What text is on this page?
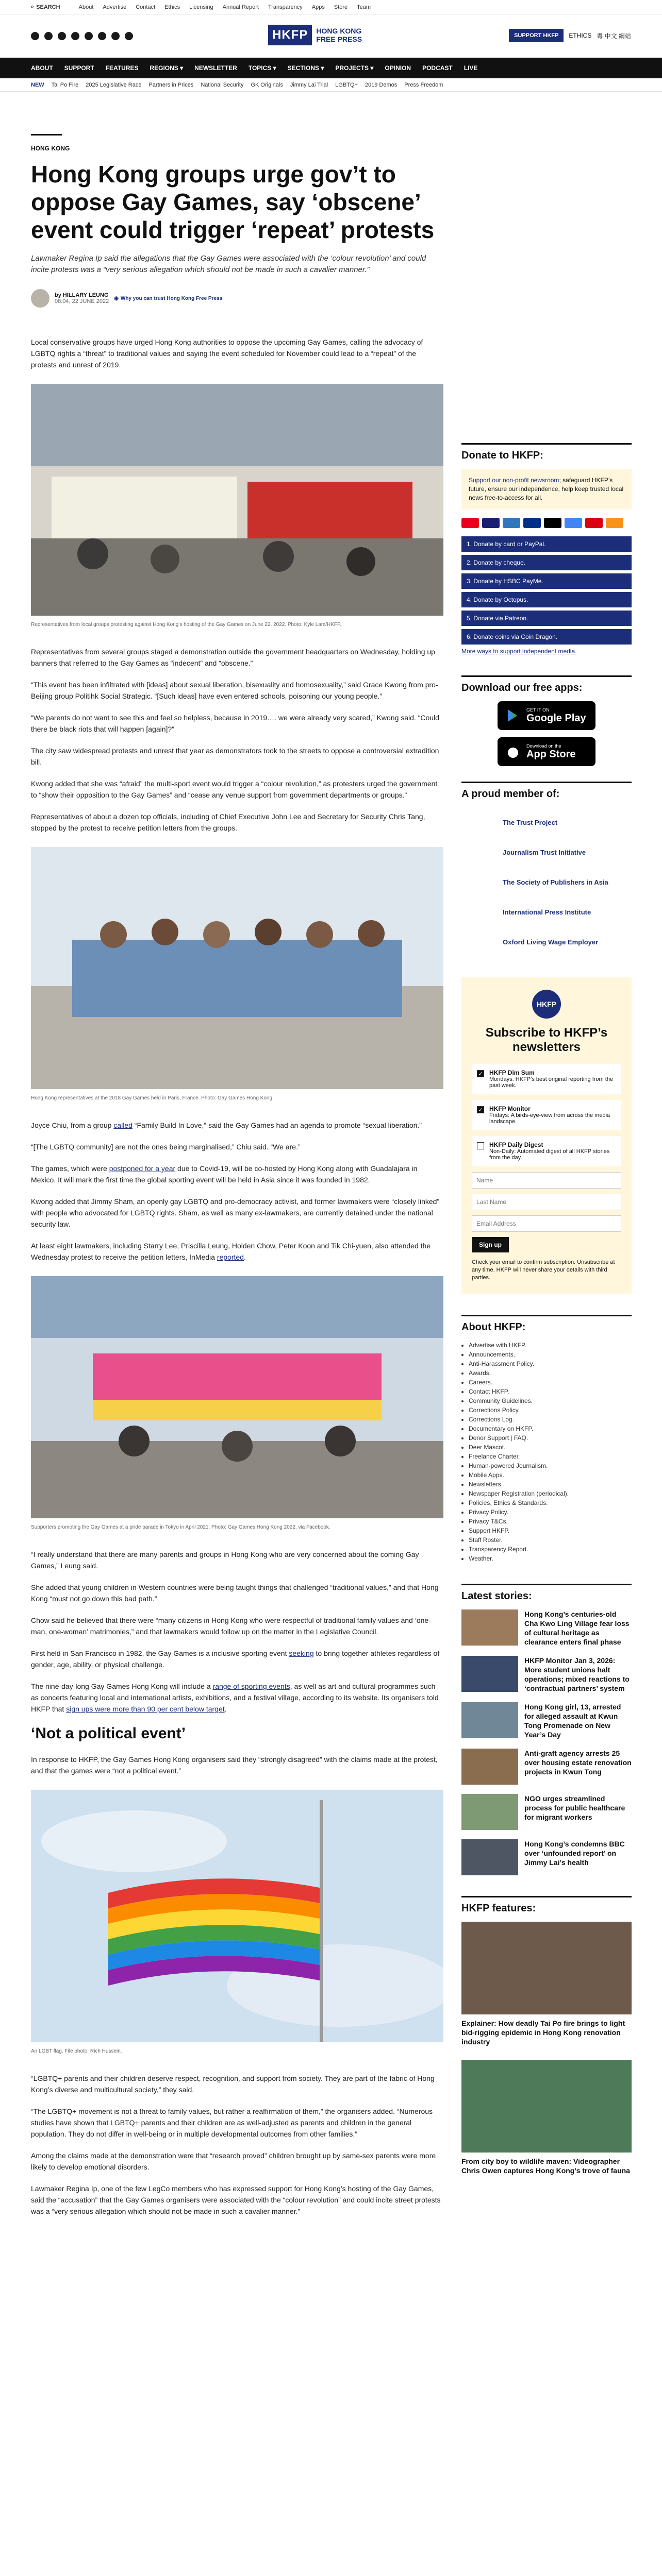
⌕ SEARCH	About Advertise Contact Ethics Licensing Annual Report Transparency Apps Store Team
HKFP	HONG KONG
FREE PRESS	SUPPORT HKFP	ETHICS 粵 中文 網站
ABOUT SUPPORT FEATURES REGIONS ▾ NEWSLETTER TOPICS ▾ SECTIONS ▾ PROJECTS ▾ OPINION PODCAST LIVE
NEW Tai Po Fire 2025 Legislative Race Partners in Prices National Security GK Originals Jimmy Lai Trial LGBTQ+ 2019 Demos Press Freedom
HONG KONG
Hong Kong groups urge gov’t to oppose Gay Games, say ‘obscene’ event could trigger ‘repeat’ protests

Lawmaker Regina Ip said the allegations that the Gay Games were associated with the ‘colour revolution’ and could incite protests was a “very serious allegation which should not be made in such a cavalier manner.”

by HILLARY LEUNG
08:04, 22 JUNE 2022 ◉ Why you can trust Hong Kong Free Press

Local conservative groups have urged Hong Kong authorities to oppose the upcoming Gay Games, calling the advocacy of LGBTQ rights a “threat” to traditional values and saying the event scheduled for November could lead to a “repeat” of the protests and unrest of 2019.

Representatives from local groups protesting against Hong Kong’s hosting of the Gay Games on June 22, 2022. Photo: Kyle Lam/HKFP.

Representatives from several groups staged a demonstration outside the government headquarters on Wednesday, holding up banners that referred to the Gay Games as “indecent” and “obscene.”

“This event has been infiltrated with [ideas] about sexual liberation, bisexuality and homosexuality,” said Grace Kwong from pro-Beijing group Politihk Social Strategic. “[Such ideas] have even entered schools, poisoning our young people.”

“We parents do not want to see this and feel so helpless, because in 2019…. we were already very scared,” Kwong said. “Could there be black riots that will happen [again]?”

The city saw widespread protests and unrest that year as demonstrators took to the streets to oppose a controversial extradition bill.

Kwong added that she was “afraid” the multi-sport event would trigger a “colour revolution,” as protesters urged the government to “show their opposition to the Gay Games” and “cease any venue support from government departments or groups.”

Representatives of about a dozen top officials, including of Chief Executive John Lee and Secretary for Security Chris Tang, stopped by the protest to receive petition letters from the groups.

Hong Kong representatives at the 2018 Gay Games held in Paris, France. Photo: Gay Games Hong Kong.

Joyce Chiu, from a group called “Family Build In Love,” said the Gay Games had an agenda to promote “sexual liberation.”

“[The LGBTQ community] are not the ones being marginalised,” Chiu said. “We are.”

The games, which were postponed for a year due to Covid-19, will be co-hosted by Hong Kong along with Guadalajara in Mexico. It will mark the first time the global sporting event will be held in Asia since it was founded in 1982.

Kwong added that Jimmy Sham, an openly gay LGBTQ and pro-democracy activist, and former lawmakers were “closely linked” with people who advocated for LGBTQ rights. Sham, as well as many ex-lawmakers, are currently detained under the national security law.

At least eight lawmakers, including Starry Lee, Priscilla Leung, Holden Chow, Peter Koon and Tik Chi-yuen, also attended the Wednesday protest to receive the petition letters, InMedia reported.

Supporters promoting the Gay Games at a pride parade in Tokyo in April 2021. Photo: Gay Games Hong Kong 2022, via Facebook.

“I really understand that there are many parents and groups in Hong Kong who are very concerned about the coming Gay Games,” Leung said.

She added that young children in Western countries were being taught things that challenged “traditional values,” and that Hong Kong “must not go down this bad path.”

Chow said he believed that there were “many citizens in Hong Kong who were respectful of traditional family values and ‘one-man, one-woman’ matrimonies,” and that lawmakers would follow up on the matter in the Legislative Council.

First held in San Francisco in 1982, the Gay Games is a inclusive sporting event seeking to bring together athletes regardless of gender, age, ability, or physical challenge.

The nine-day-long Gay Games Hong Kong will include a range of sporting events, as well as art and cultural programmes such as concerts featuring local and international artists, exhibitions, and a festival village, according to its website. Its organisers told HKFP that sign ups were more than 90 per cent below target.

‘Not a political event’

In response to HKFP, the Gay Games Hong Kong organisers said they “strongly disagreed” with the claims made at the protest, and that the games were “not a political event.”

An LGBT flag. File photo: Rich Hussein.

“LGBTQ+ parents and their children deserve respect, recognition, and support from society. They are part of the fabric of Hong Kong’s diverse and multicultural society,” they said.

“The LGBTQ+ movement is not a threat to family values, but rather a reaffirmation of them,” the organisers added. “Numerous studies have shown that LGBTQ+ parents and their children are as well-adjusted as parents and children in the general population. They do not differ in well-being or in multiple developmental outcomes from other families.”

Among the claims made at the demonstration were that “research proved” children brought up by same-sex parents were more likely to develop emotional disorders.

Lawmaker Regina Ip, one of the few LegCo members who has expressed support for Hong Kong’s hosting of the Gay Games, said the “accusation” that the Gay Games organisers were associated with the “colour revolution” and could incite street protests was a “very serious allegation which should not be made in such a cavalier manner.”

Donate to HKFP:
Support our non-profit newsroom; safeguard HKFP’s future, ensure our independence, help keep trusted local news free-to-access for all.
1. Donate by card or PayPal.
2. Donate by cheque.
3. Donate by HSBC PayMe.
4. Donate by Octopus.
5. Donate via Patreon.
6. Donate coins via Coin Dragon.
More ways to support independent media.
Download our free apps:
GET IT ON
Google Play
Download on the
App Store
A proud member of:
The Trust Project
Journalism Trust Initiative
The Society of Publishers in Asia
International Press Institute
Oxford Living Wage Employer
HKFP
Subscribe to HKFP’s newsletters
✓ HKFP Dim Sum
Mondays: HKFP’s best original reporting from the past week.
✓ HKFP Monitor
Fridays: A birds-eye-view from across the media landscape.
HKFP Daily Digest
Non-Daily: Automated digest of all HKFP stories from the day.
Name
Last Name
Email Address
Sign up

Check your email to confirm subscription. Unsubscribe at any time. HKFP will never share your details with third parties.

About HKFP:
• Advertise with HKFP.
• Announcements.
• Anti-Harassment Policy.
• Awards.
• Careers.
• Contact HKFP.
• Community Guidelines.
• Corrections Policy.
• Corrections Log.
• Documentary on HKFP.
• Donor Support | FAQ.
• Deer Mascot.
• Freelance Charter.
• Human-powered Journalism.
• Mobile Apps.
• Newsletters.
• Newspaper Registration (periodical).
• Policies, Ethics & Standards.
• Privacy Policy.
• Privacy T&Cs.
• Support HKFP.
• Staff Roster.
• Transparency Report.
• Weather.
Latest stories:
Hong Kong’s centuries-old Cha Kwo Ling Village fear loss of cultural heritage as clearance enters final phase
HKFP Monitor Jan 3, 2026: More student unions halt operations; mixed reactions to ‘contractual partners’ system
Hong Kong girl, 13, arrested for alleged assault at Kwun Tong Promenade on New Year’s Day
Anti-graft agency arrests 25 over housing estate renovation projects in Kwun Tong
NGO urges streamlined process for public healthcare for migrant workers
Hong Kong’s condemns BBC over ‘unfounded report’ on Jimmy Lai’s health
HKFP features:
Explainer: How deadly Tai Po fire brings to light bid-rigging epidemic in Hong Kong renovation industry
From city boy to wildlife maven: Videographer Chris Owen captures Hong Kong’s trove of fauna
